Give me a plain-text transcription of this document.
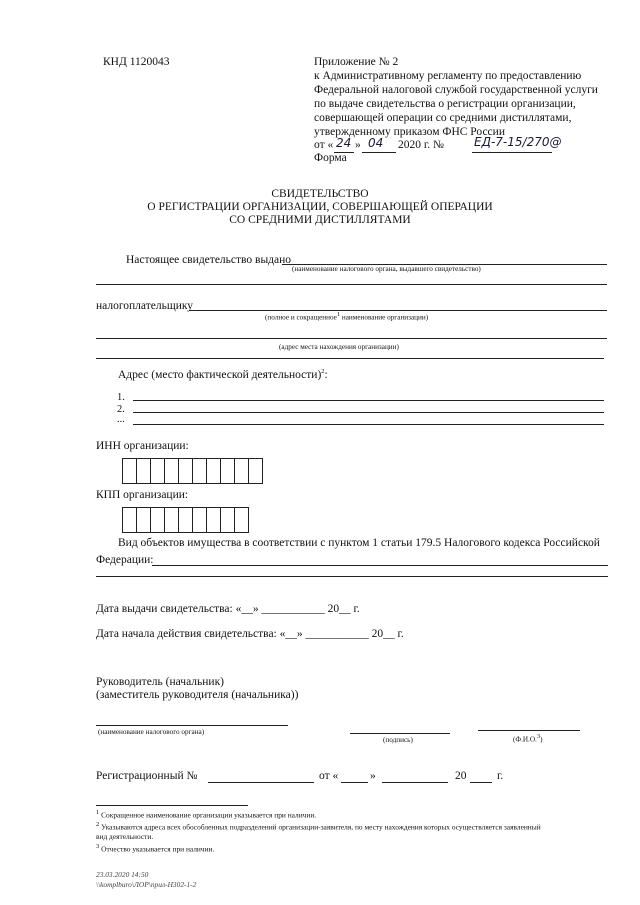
КНД 1120043	Приложение № 2
к Административному регламенту по предоставлению
Федеральной налоговой службой государственной услуги
по выдаче свидетельства о регистрации организации,
совершающей операции со средними дистиллятами,
утвержденному приказом ФНС России
от « 24 » 04 2020 г. № ЕД-7-15/270@
Форма
СВИДЕТЕЛЬСТВО
О РЕГИСТРАЦИИ ОРГАНИЗАЦИИ, СОВЕРШАЮЩЕЙ ОПЕРАЦИИ
СО СРЕДНИМИ ДИСТИЛЛЯТАМИ
Настоящее свидетельство выдано
(наименование налогового органа, выдавшего свидетельство)
налогоплательщику
(полное и сокращенное$^1$ наименование организации)
(адрес места нахождения организации)
Адрес (место фактической деятельности)$^2$:
1.
2.
...
ИНН организации:
КПП организации:
Вид объектов имущества в соответствии с пунктом 1 статьи 179.5 Налогового кодекса Российской
Федерации:
Дата выдачи свидетельства: «__» ___________ 20__ г.
Дата начала действия свидетельства: «__» ___________ 20__ г.
Руководитель (начальник)
(заместитель руководителя (начальника))
(наименование налогового органа)
(подпись)	(Ф.И.О.$^3$)
Регистрационный №	от «	»	20	г.
$^1$ Сокращенное наименование организации указывается при наличии.
$^2$ Указываются адреса всех обособленных подразделений организации-заявителя, по месту нахождения которых осуществляется заявленный
вид деятельности.
$^3$ Отчество указывается при наличии.
23.03.2020 14:50
\\komplburo\ЛОР\прил-Н302-1-2
